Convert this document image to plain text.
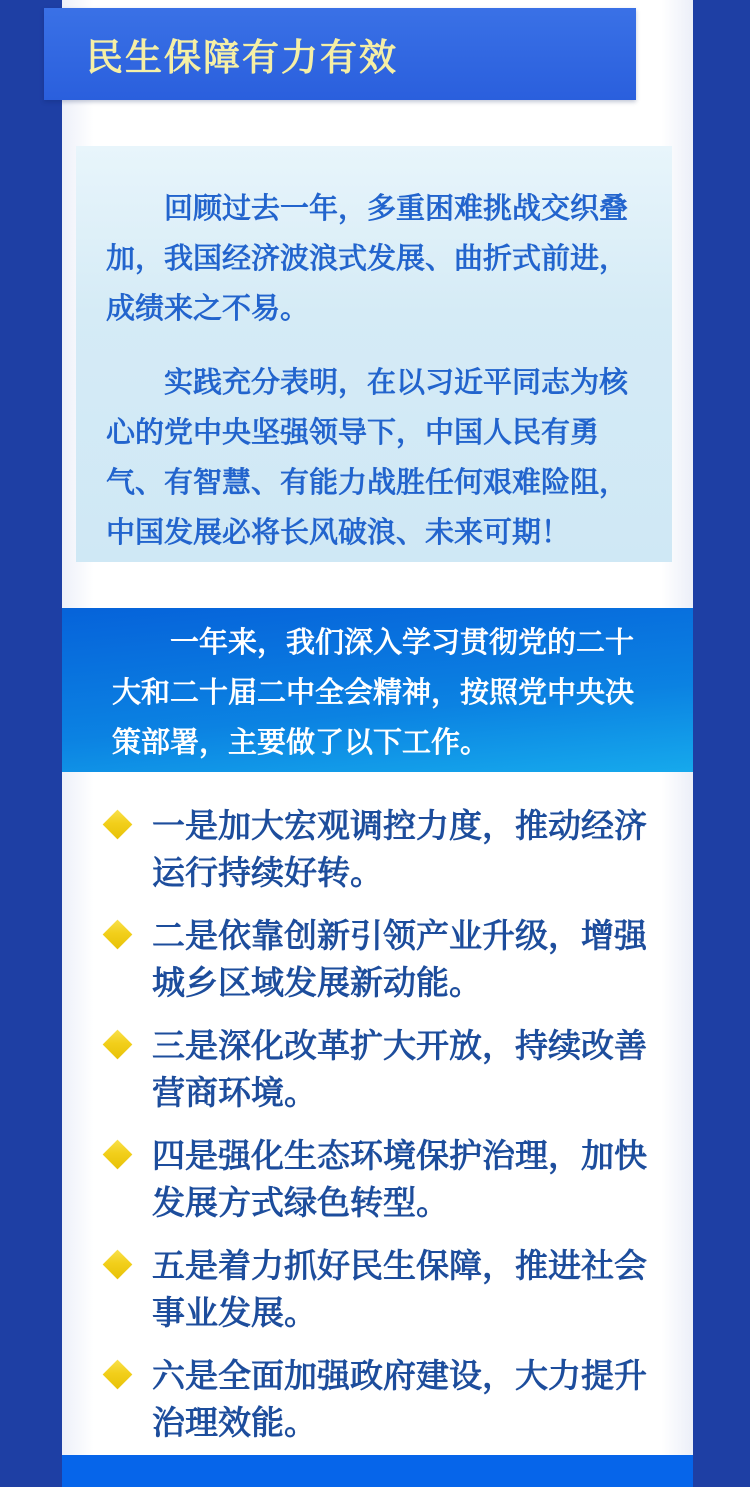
民生保障有力有效

回顾过去一年，多重困难挑战交织叠加，我国经济波浪式发展、曲折式前进，成绩来之不易。

实践充分表明，在以习近平同志为核心的党中央坚强领导下，中国人民有勇气、有智慧、有能力战胜任何艰难险阻，中国发展必将长风破浪、未来可期！

一年来，我们深入学习贯彻党的二十大和二十届二中全会精神，按照党中央决策部署，主要做了以下工作。

一是加大宏观调控力度，推动经济运行持续好转。
二是依靠创新引领产业升级，增强城乡区域发展新动能。
三是深化改革扩大开放，持续改善营商环境。
四是强化生态环境保护治理，加快发展方式绿色转型。
五是着力抓好民生保障，推进社会事业发展。
六是全面加强政府建设，大力提升治理效能。
